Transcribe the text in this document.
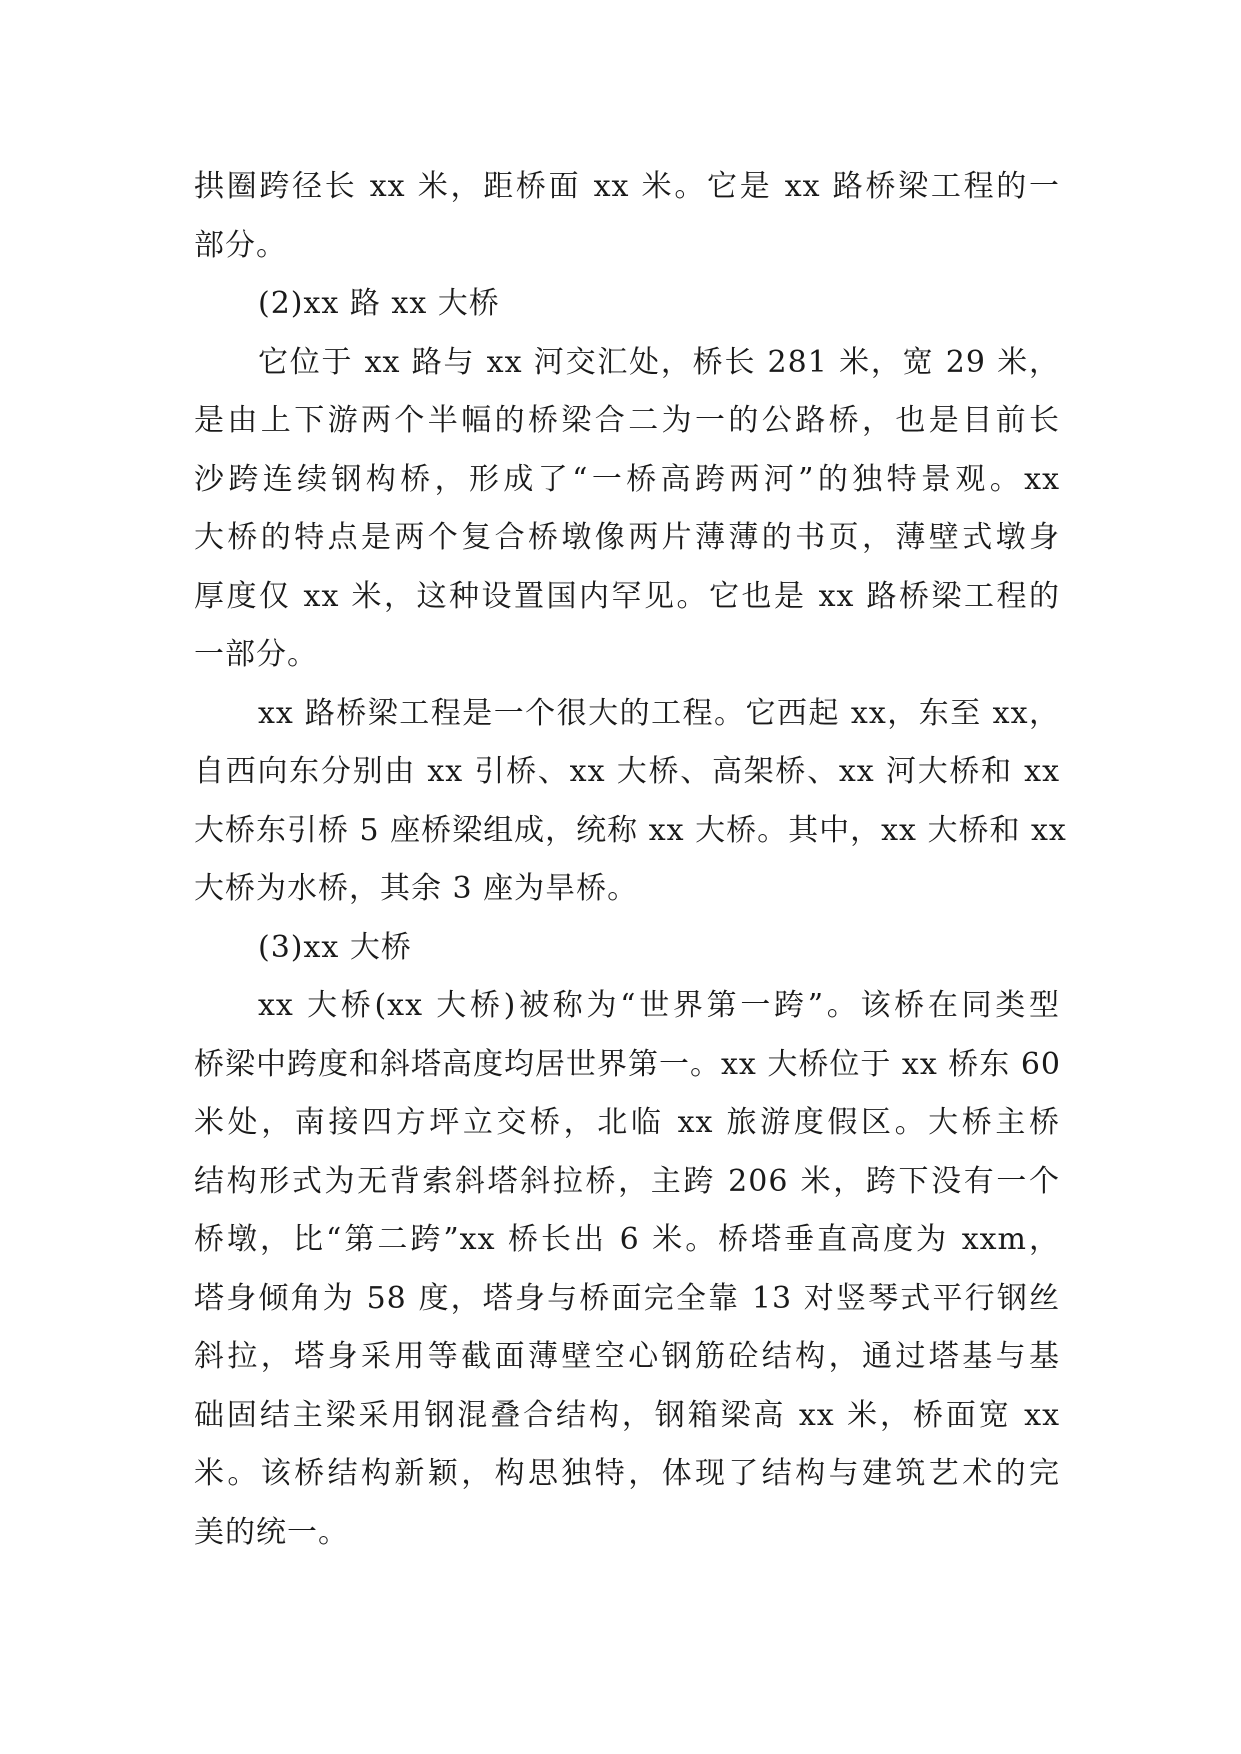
拱圈跨径长 xx 米，距桥面 xx 米。它是 xx 路桥梁工程的一
部分。
(2)xx 路 xx 大桥
它位于 xx 路与 xx 河交汇处，桥长 281 米，宽 29 米，
是由上下游两个半幅的桥梁合二为一的公路桥，也是目前长
沙跨连续钢构桥，形成了“一桥高跨两河”的独特景观。xx
大桥的特点是两个复合桥墩像两片薄薄的书页，薄壁式墩身
厚度仅 xx 米，这种设置国内罕见。它也是 xx 路桥梁工程的
一部分。
xx 路桥梁工程是一个很大的工程。它西起 xx，东至 xx，
自西向东分别由 xx 引桥、xx 大桥、高架桥、xx 河大桥和 xx
大桥东引桥 5 座桥梁组成，统称 xx 大桥。其中，xx 大桥和 xx
大桥为水桥，其余 3 座为旱桥。
(3)xx 大桥
xx 大桥(xx 大桥)被称为“世界第一跨”。该桥在同类型
桥梁中跨度和斜塔高度均居世界第一。xx 大桥位于 xx 桥东 60
米处，南接四方坪立交桥，北临 xx 旅游度假区。大桥主桥
结构形式为无背索斜塔斜拉桥，主跨 206 米，跨下没有一个
桥墩，比“第二跨”xx 桥长出 6 米。桥塔垂直高度为 xxm，
塔身倾角为 58 度，塔身与桥面完全靠 13 对竖琴式平行钢丝
斜拉，塔身采用等截面薄壁空心钢筋砼结构，通过塔基与基
础固结主梁采用钢混叠合结构，钢箱梁高 xx 米，桥面宽 xx
米。该桥结构新颖，构思独特，体现了结构与建筑艺术的完
美的统一。
